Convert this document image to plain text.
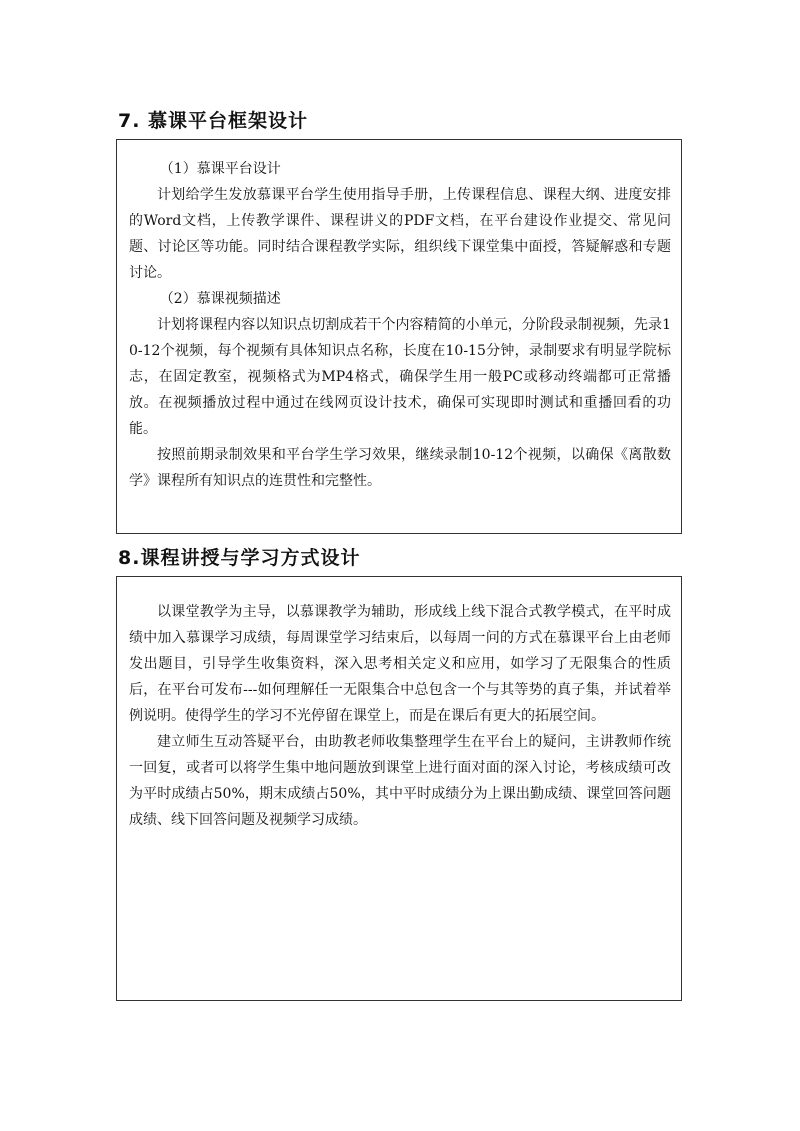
7. 慕课平台框架设计

（1）慕课平台设计

计划给学生发放慕课平台学生使用指导手册，上传课程信息、课程大纲、进度安排的Word文档，上传教学课件、课程讲义的PDF文档，在平台建设作业提交、常见问题、讨论区等功能。同时结合课程教学实际，组织线下课堂集中面授，答疑解惑和专题讨论。

（2）慕课视频描述

计划将课程内容以知识点切割成若干个内容精简的小单元，分阶段录制视频，先录10-12个视频，每个视频有具体知识点名称，长度在10-15分钟，录制要求有明显学院标志，在固定教室，视频格式为MP4格式，确保学生用一般PC或移动终端都可正常播放。在视频播放过程中通过在线网页设计技术，确保可实现即时测试和重播回看的功能。

按照前期录制效果和平台学生学习效果，继续录制10-12个视频，以确保《离散数学》课程所有知识点的连贯性和完整性。

8.课程讲授与学习方式设计

以课堂教学为主导，以慕课教学为辅助，形成线上线下混合式教学模式，在平时成绩中加入慕课学习成绩，每周课堂学习结束后，以每周一问的方式在慕课平台上由老师发出题目，引导学生收集资料，深入思考相关定义和应用，如学习了无限集合的性质后，在平台可发布---如何理解任一无限集合中总包含一个与其等势的真子集，并试着举例说明。使得学生的学习不光停留在课堂上，而是在课后有更大的拓展空间。

建立师生互动答疑平台，由助教老师收集整理学生在平台上的疑问，主讲教师作统一回复，或者可以将学生集中地问题放到课堂上进行面对面的深入讨论，考核成绩可改为平时成绩占50%，期末成绩占50%，其中平时成绩分为上课出勤成绩、课堂回答问题成绩、线下回答问题及视频学习成绩。
